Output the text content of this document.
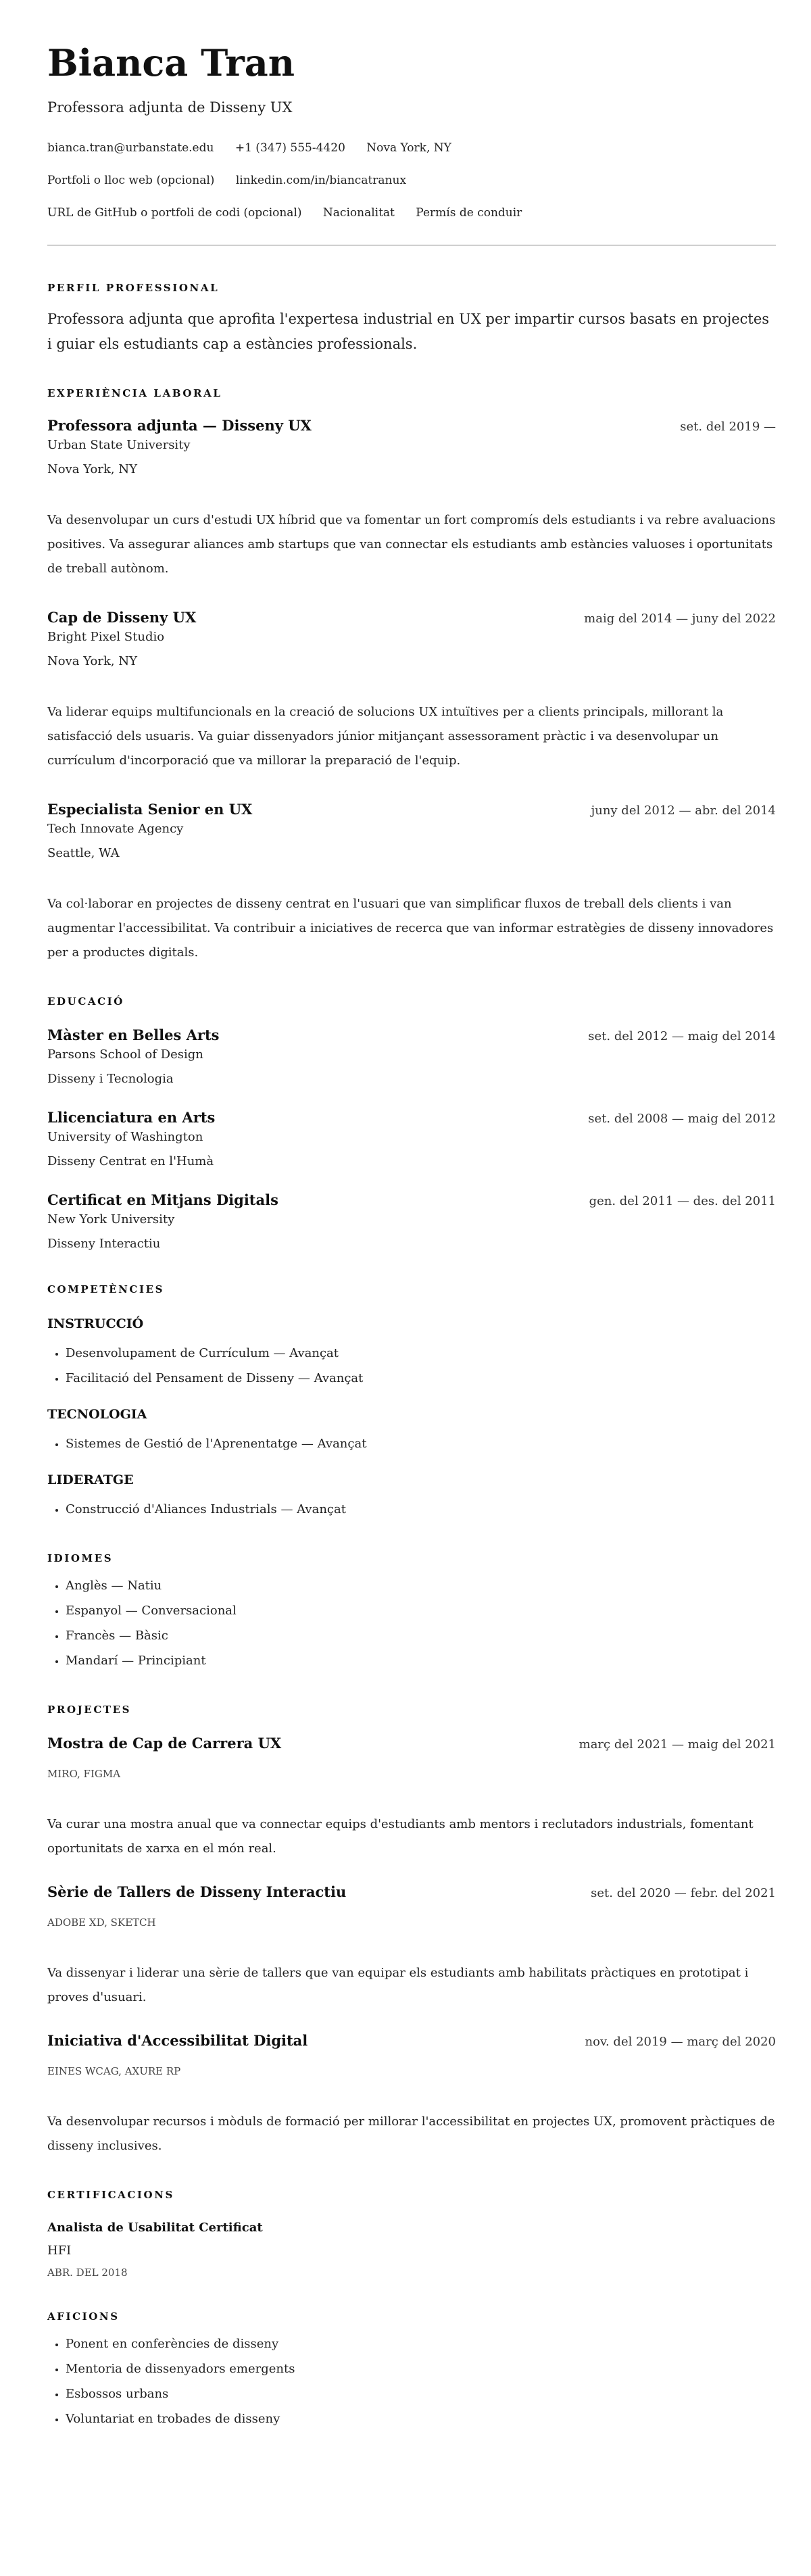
Bianca Tran
Professora adjunta de Disseny UX
bianca.tran@urbanstate.edu +1 (347) 555-4420 Nova York, NY
Portfoli o lloc web (opcional) linkedin.com/in/biancatranux
URL de GitHub o portfoli de codi (opcional) Nacionalitat Permís de conduir
PERFIL PROFESSIONAL

Professora adjunta que aprofita l'expertesa industrial en UX per impartir cursos basats en projectes i guiar els estudiants cap a estàncies professionals.

EXPERIÈNCIA LABORAL
Professora adjunta — Disseny UX	set. del 2019 —
Urban State University
Nova York, NY

Va desenvolupar un curs d'estudi UX híbrid que va fomentar un fort compromís dels estudiants i va rebre avaluacions positives. Va assegurar aliances amb startups que van connectar els estudiants amb estàncies valuoses i oportunitats de treball autònom.

Cap de Disseny UX	maig del 2014 — juny del 2022
Bright Pixel Studio
Nova York, NY

Va liderar equips multifuncionals en la creació de solucions UX intuïtives per a clients principals, millorant la satisfacció dels usuaris. Va guiar dissenyadors júnior mitjançant assessorament pràctic i va desenvolupar un currículum d'incorporació que va millorar la preparació de l'equip.

Especialista Senior en UX	juny del 2012 — abr. del 2014
Tech Innovate Agency
Seattle, WA

Va col·laborar en projectes de disseny centrat en l'usuari que van simplificar fluxos de treball dels clients i van augmentar l'accessibilitat. Va contribuir a iniciatives de recerca que van informar estratègies de disseny innovadores per a productes digitals.

EDUCACIÓ
Màster en Belles Arts	set. del 2012 — maig del 2014
Parsons School of Design
Disseny i Tecnologia
Llicenciatura en Arts	set. del 2008 — maig del 2012
University of Washington
Disseny Centrat en l'Humà
Certificat en Mitjans Digitals	gen. del 2011 — des. del 2011
New York University
Disseny Interactiu
COMPETÈNCIES
INSTRUCCIÓ
• Desenvolupament de Currículum — Avançat
• Facilitació del Pensament de Disseny — Avançat
TECNOLOGIA
• Sistemes de Gestió de l'Aprenentatge — Avançat
LIDERATGE
• Construcció d'Aliances Industrials — Avançat
IDIOMES
• Anglès — Natiu
• Espanyol — Conversacional
• Francès — Bàsic
• Mandarí — Principiant
PROJECTES
Mostra de Cap de Carrera UX	març del 2021 — maig del 2021
MIRO, FIGMA

Va curar una mostra anual que va connectar equips d'estudiants amb mentors i reclutadors industrials, fomentant oportunitats de xarxa en el món real.

Sèrie de Tallers de Disseny Interactiu	set. del 2020 — febr. del 2021
ADOBE XD, SKETCH

Va dissenyar i liderar una sèrie de tallers que van equipar els estudiants amb habilitats pràctiques en prototipat i proves d'usuari.

Iniciativa d'Accessibilitat Digital	nov. del 2019 — març del 2020
EINES WCAG, AXURE RP

Va desenvolupar recursos i mòduls de formació per millorar l'accessibilitat en projectes UX, promovent pràctiques de disseny inclusives.

CERTIFICACIONS
Analista de Usabilitat Certificat
HFI
ABR. DEL 2018
AFICIONS
• Ponent en conferències de disseny
• Mentoria de dissenyadors emergents
• Esbossos urbans
• Voluntariat en trobades de disseny
